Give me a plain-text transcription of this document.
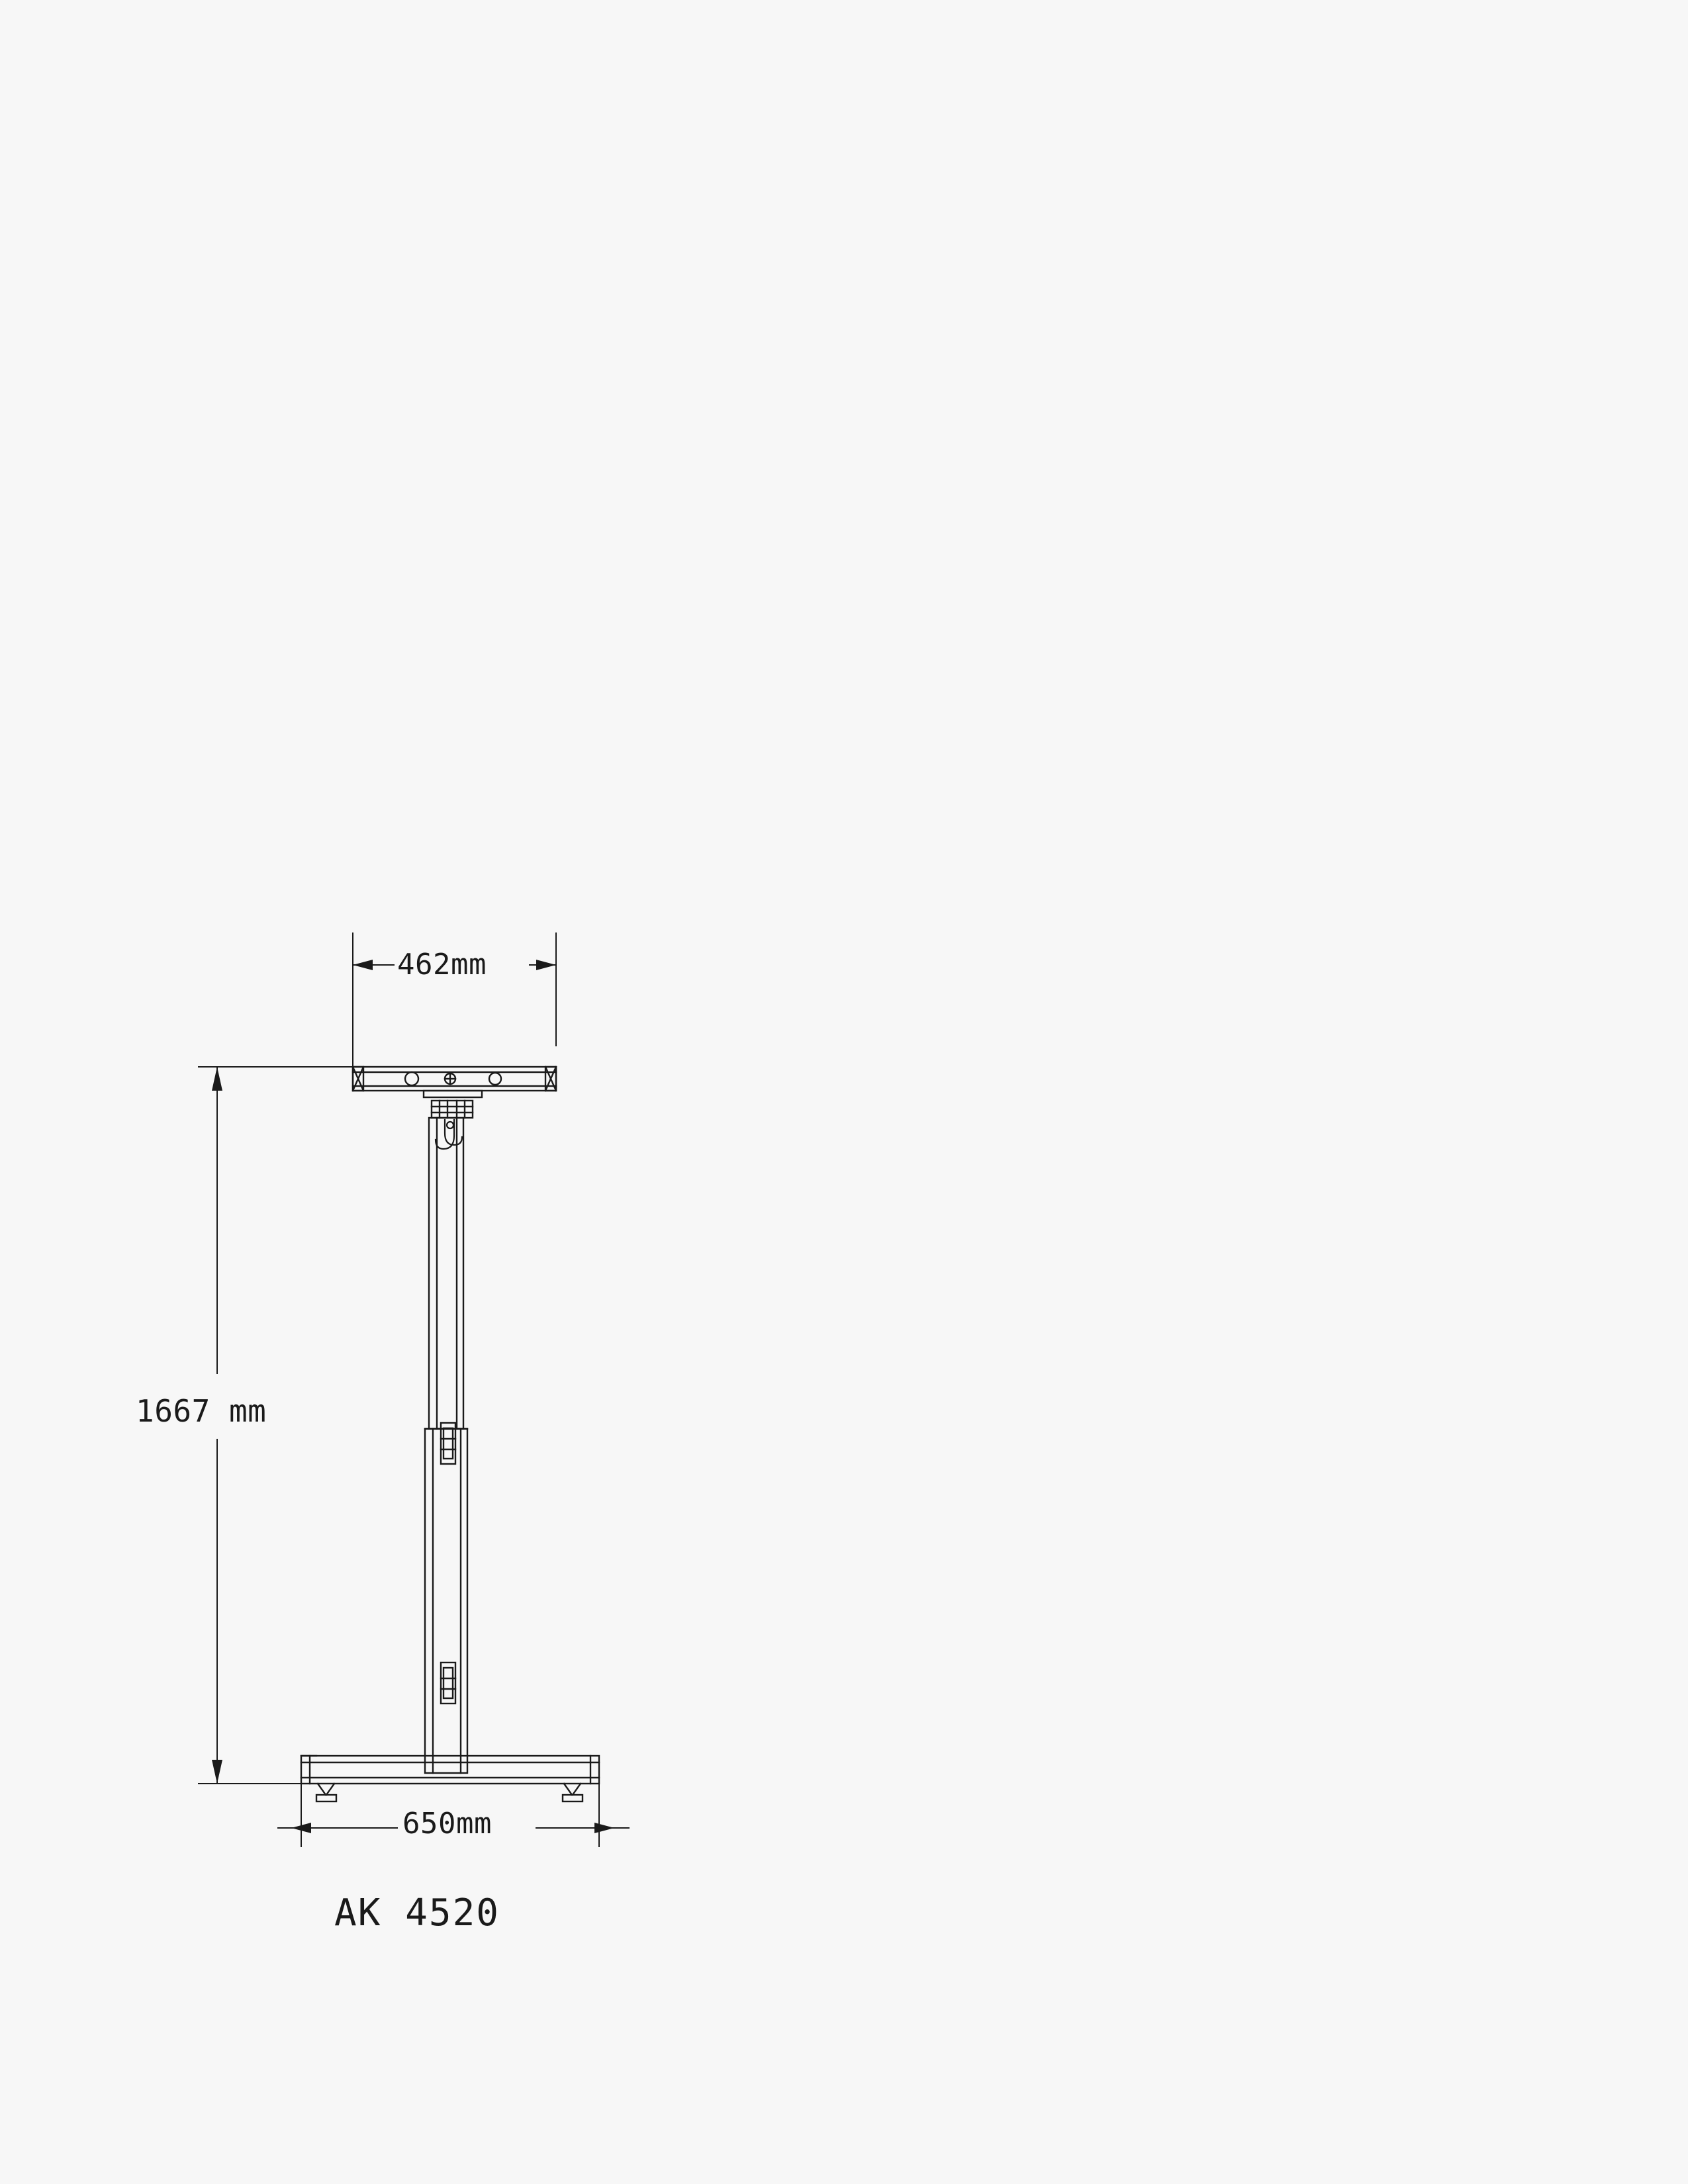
462mm
1667 mm
650mm
AK 4520
